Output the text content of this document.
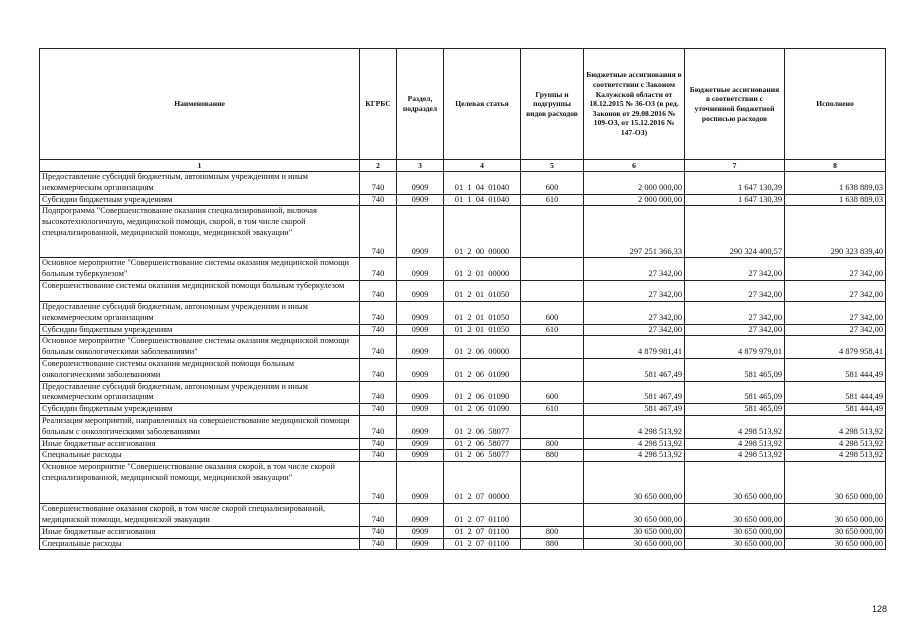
Наименование	КГРБС	Раздел, подраздел	Целевая статья	Группы и подгруппы видов расходов	Бюджетные ассигнования в соответствии с Законом Калужской области от 18.12.2015 № 36-ОЗ (в ред. Законов от 29.08.2016 № 109-ОЗ, от 15.12.2016 № 147-ОЗ)	Бюджетные ассигнования в соответствии с уточненной бюджетной росписью расходов	Исполнено
1	2	3	4	5	6	7	8
Предоставление субсидий бюджетным, автономным учреждениям и иным некоммерческим организациям	740	0909	01  1  04  01040	600	2 000 000,00	1 647 130,39	1 638 889,03
Субсидии бюджетным учреждениям	740	0909	01  1  04  01040	610	2 000 000,00	1 647 130,39	1 638 889,03
Подпрограмма "Совершенствование оказания специализированной, включая высокотехнологичную, медицинской помощи, скорой, в том числе скорой специализированной, медицинской помощи, медицинской эвакуации"	740	0909	01  2  00  00000		297 251 366,33	290 324 400,57	290 323 839,40
Основное мероприятие "Совершенствование системы оказания медицинской помощи больным туберкулезом"	740	0909	01  2  01  00000		27 342,00	27 342,00	27 342,00
Совершенствование системы оказания медицинской помощи больным туберкулезом	740	0909	01  2  01  01050		27 342,00	27 342,00	27 342,00
Предоставление субсидий бюджетным, автономным учреждениям и иным некоммерческим организациям	740	0909	01  2  01  01050	600	27 342,00	27 342,00	27 342,00
Субсидии бюджетным учреждениям	740	0909	01  2  01  01050	610	27 342,00	27 342,00	27 342,00
Основное мероприятие "Совершенствование системы оказания медицинской помощи больным онкологическими заболеваниями"	740	0909	01  2  06  00000		4 879 981,41	4 879 979,01	4 879 958,41
Совершенствование системы оказания медицинской помощи больным онкологическими заболеваниями	740	0909	01  2  06  01090		581 467,49	581 465,09	581 444,49
Предоставление субсидий бюджетным, автономным учреждениям и иным некоммерческим организациям	740	0909	01  2  06  01090	600	581 467,49	581 465,09	581 444,49
Субсидии бюджетным учреждениям	740	0909	01  2  06  01090	610	581 467,49	581 465,09	581 444,49
Реализация мероприятий, направленных на совершенствование медицинской помощи больным с онкологическими заболеваниями	740	0909	01  2  06  58077		4 298 513,92	4 298 513,92	4 298 513,92
Иные бюджетные ассигнования	740	0909	01  2  06  58077	800	4 298 513,92	4 298 513,92	4 298 513,92
Специальные расходы	740	0909	01  2  06  58077	880	4 298 513,92	4 298 513,92	4 298 513,92
Основное мероприятие "Совершенствование оказания скорой, в том числе скорой специализированной, медицинской помощи, медицинской эвакуации"	740	0909	01  2  07  00000		30 650 000,00	30 650 000,00	30 650 000,00
Совершенствование оказания скорой, в том числе скорой специализированной, медицинской помощи, медицинской эвакуации	740	0909	01  2  07  01100		30 650 000,00	30 650 000,00	30 650 000,00
Иные бюджетные ассигнования	740	0909	01  2  07  01100	800	30 650 000,00	30 650 000,00	30 650 000,00
Специальные расходы	740	0909	01  2  07  01100	880	30 650 000,00	30 650 000,00	30 650 000,00
128
